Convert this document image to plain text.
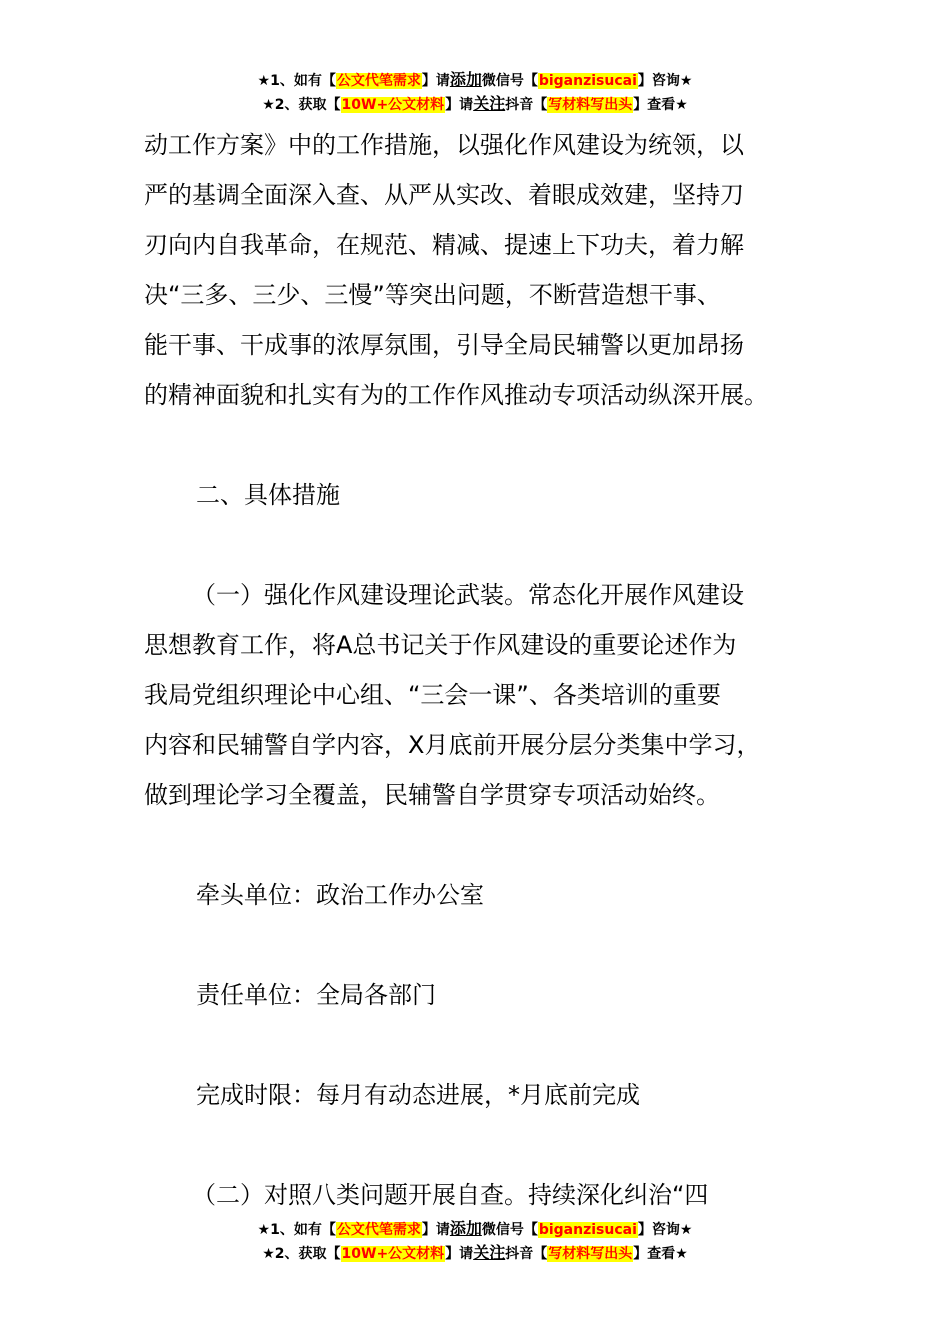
★1、如有【公文代笔需求】请添加微信号【biganzisucai】咨询★
★2、获取【10W+公文材料】请关注抖音【写材料写出头】查看★

动工作方案》中的工作措施，以强化作风建设为统领，以

严的基调全面深入查、从严从实改、着眼成效建，坚持刀

刃向内自我革命，在规范、精减、提速上下功夫，着力解

决“三多、三少、三慢”等突出问题，不断营造想干事、

能干事、干成事的浓厚氛围，引导全局民辅警以更加昂扬

的精神面貌和扎实有为的工作作风推动专项活动纵深开展。

二、具体措施

（一）强化作风建设理论武装。常态化开展作风建设

思想教育工作，将A总书记关于作风建设的重要论述作为

我局党组织理论中心组、“三会一课”、各类培训的重要

内容和民辅警自学内容，X月底前开展分层分类集中学习，

做到理论学习全覆盖，民辅警自学贯穿专项活动始终。

牵头单位：政治工作办公室

责任单位：全局各部门

完成时限：每月有动态进展，*月底前完成

（二）对照八类问题开展自查。持续深化纠治“四

★1、如有【公文代笔需求】请添加微信号【biganzisucai】咨询★
★2、获取【10W+公文材料】请关注抖音【写材料写出头】查看★
